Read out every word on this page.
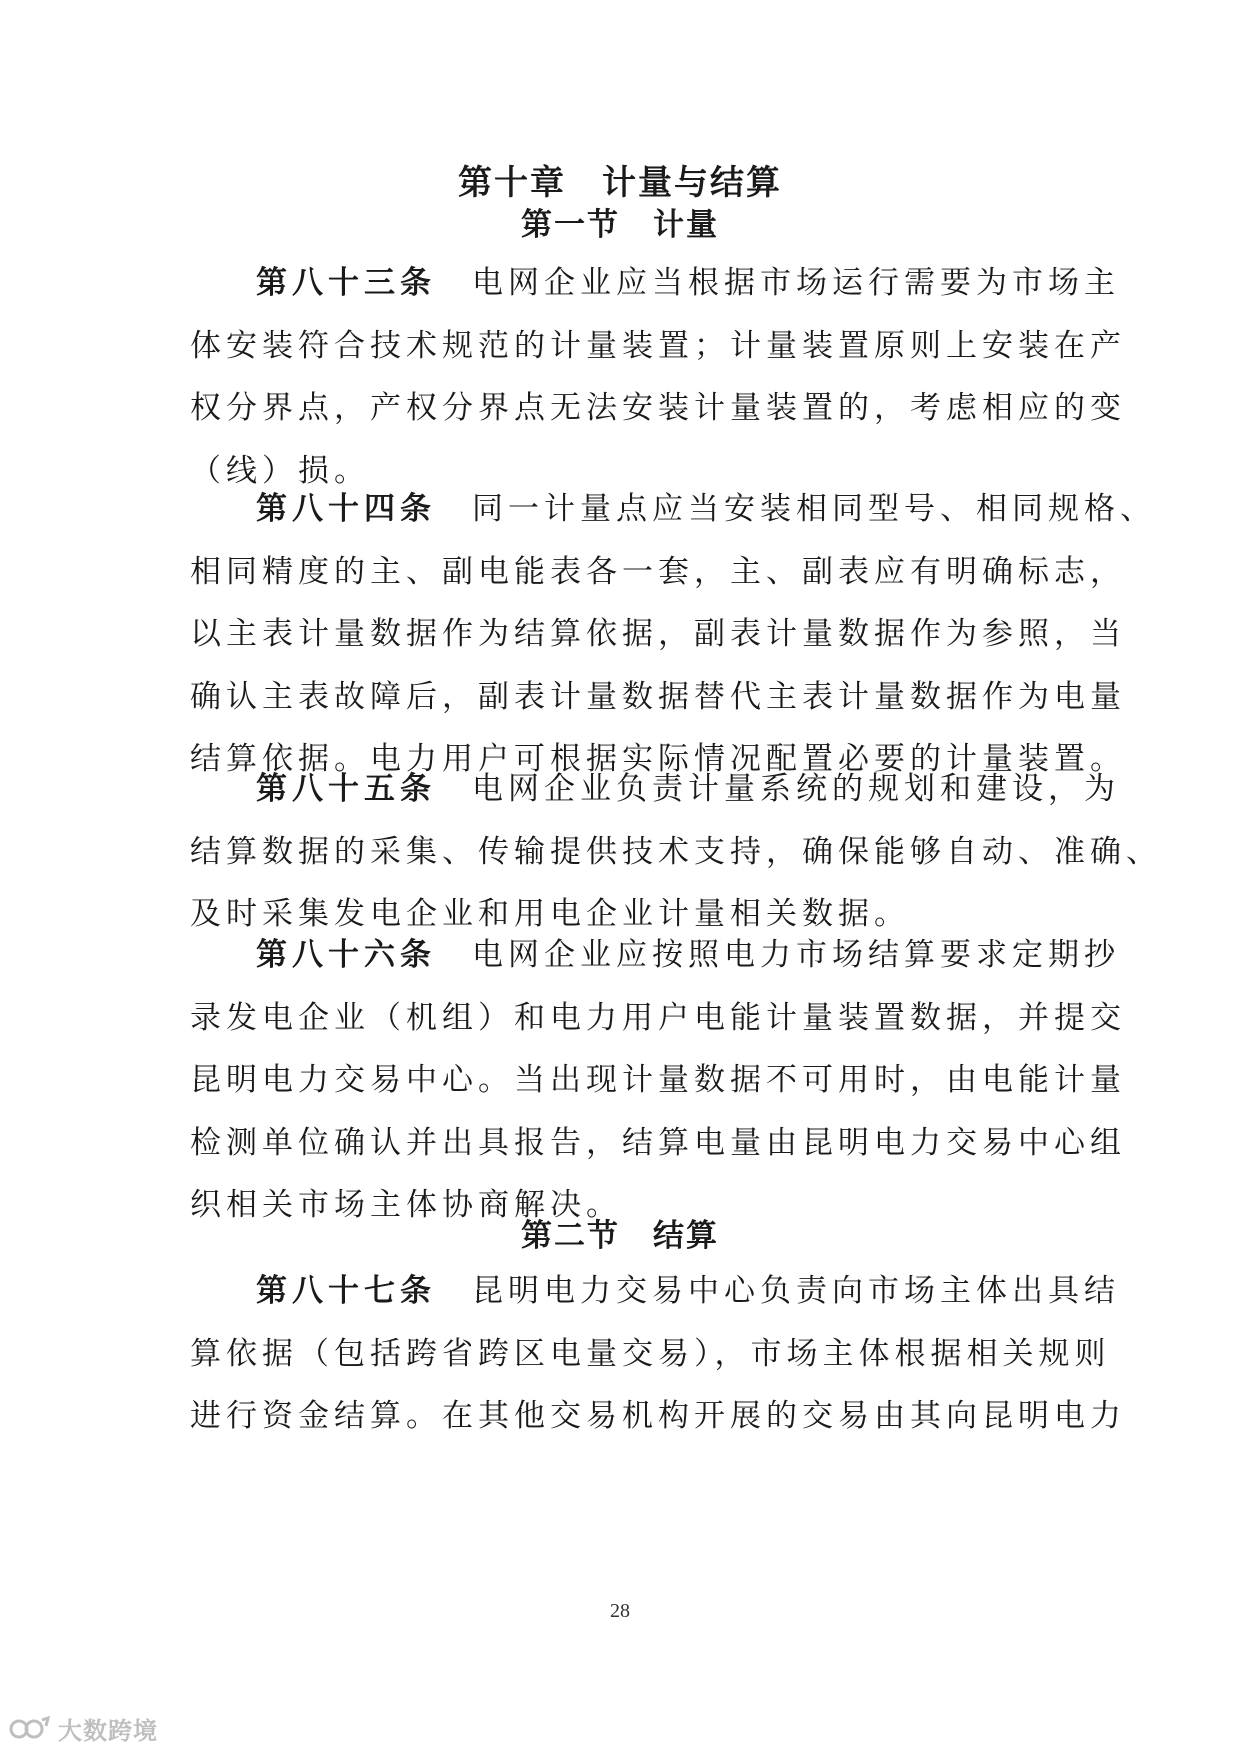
第十章　计量与结算
第一节　计量
第八十三条　 电网企业应当根据市场运行需要为市场主
体安装符合技术规范的计量装置；计量装置原则上安装在产
权分界点，产权分界点无法安装计量装置的，考虑相应的变
（线）损。
第八十四条　 同一计量点应当安装相同型号、相同规格、
相同精度的主、副电能表各一套，主、副表应有明确标志，
以主表计量数据作为结算依据，副表计量数据作为参照，当
确认主表故障后，副表计量数据替代主表计量数据作为电量
结算依据。电力用户可根据实际情况配置必要的计量装置。
第八十五条　 电网企业负责计量系统的规划和建设，为
结算数据的采集、传输提供技术支持，确保能够自动、准确、
及时采集发电企业和用电企业计量相关数据。
第八十六条　 电网企业应按照电力市场结算要求定期抄
录发电企业（机组）和电力用户电能计量装置数据，并提交
昆明电力交易中心。当出现计量数据不可用时，由电能计量
检测单位确认并出具报告，结算电量由昆明电力交易中心组
织相关市场主体协商解决。
第二节　结算
第八十七条　 昆明电力交易中心负责向市场主体出具结
算依据（包括跨省跨区电量交易），市场主体根据相关规则
进行资金结算。在其他交易机构开展的交易由其向昆明电力
28
大数跨境
